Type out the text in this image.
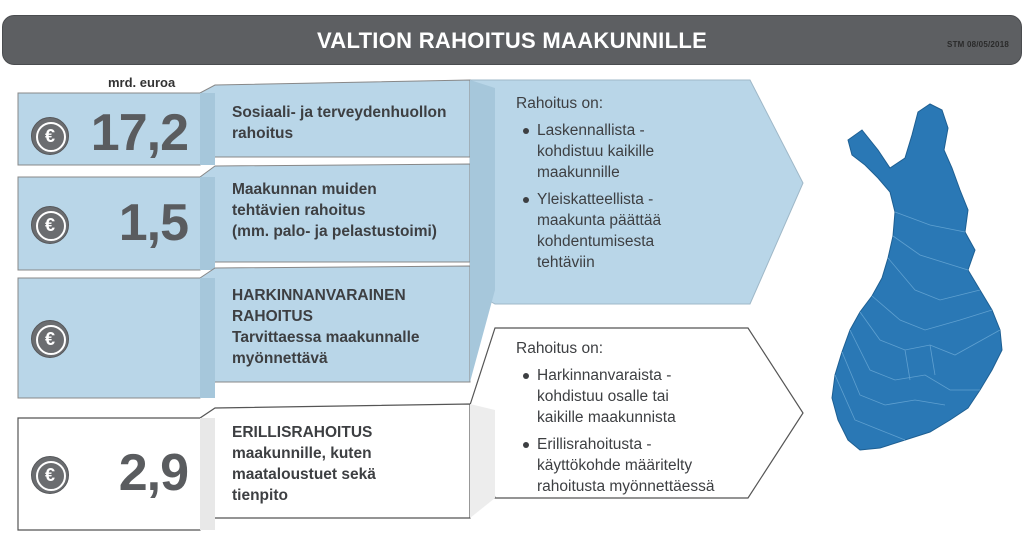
VALTION RAHOITUS MAAKUNNILLE	STM 08/05/2018
mrd. euroa
€
€
€
€
17,2
1,5
2,9
Sosiaali- ja terveydenhuollon
rahoitus
Maakunnan muiden
tehtävien rahoitus
(mm. palo- ja pelastustoimi)
HARKINNANVARAINEN
RAHOITUS
Tarvittaessa maakunnalle
myönnettävä
ERILLISRAHOITUS
maakunnille, kuten
maataloustuet sekä
tienpito
Rahoitus on:
Laskennallista -
kohdistuu kaikille
maakunnille
Yleiskatteellista -
maakunta päättää
kohdentumisesta
tehtäviin
Rahoitus on:
Harkinnanvaraista -
kohdistuu osalle tai
kaikille maakunnista
Erillisrahoitusta -
käyttökohde määritelty
rahoitusta myönnettäessä
